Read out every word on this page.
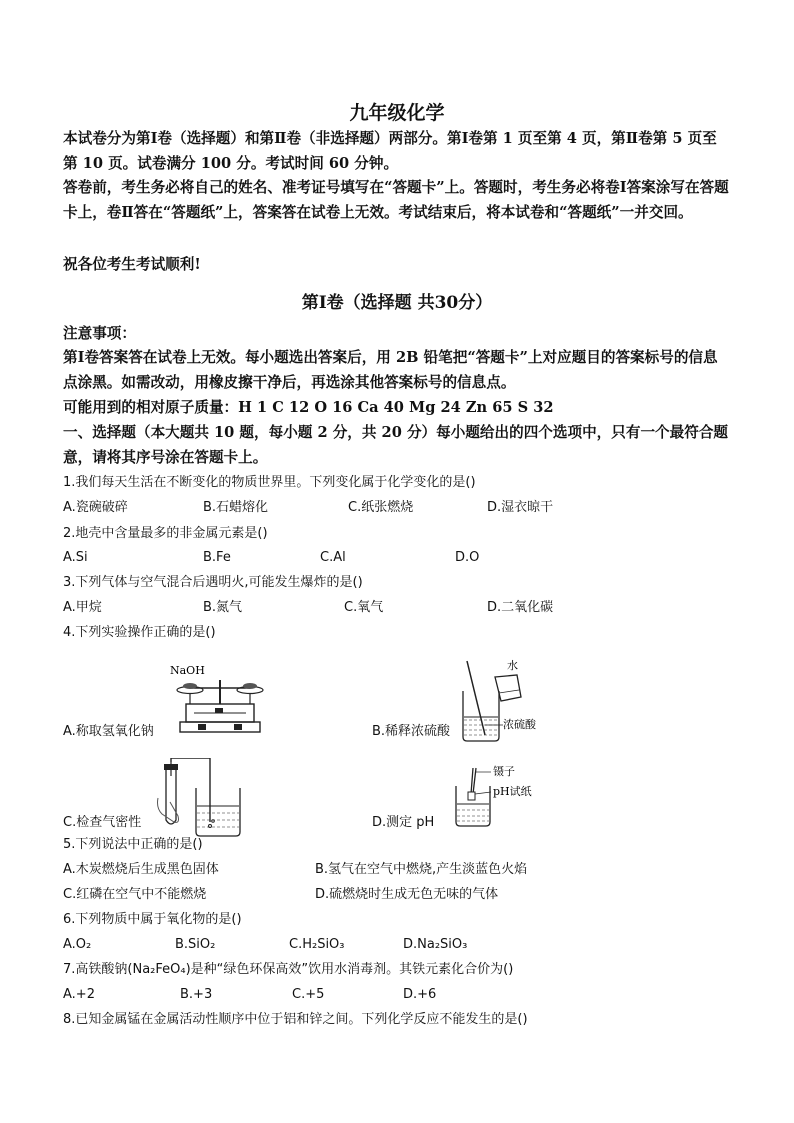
九年级化学
本试卷分为第Ⅰ卷（选择题）和第Ⅱ卷（非选择题）两部分。第Ⅰ卷第 1 页至第 4 页，第Ⅱ卷第 5 页至第 10 页。试卷满分 100 分。考试时间 60 分钟。
答卷前，考生务必将自己的姓名、准考证号填写在“答题卡”上。答题时，考生务必将卷Ⅰ答案涂写在答题卡上，卷Ⅱ答在“答题纸”上，答案答在试卷上无效。考试结束后，将本试卷和“答题纸”一并交回。
祝各位考生考试顺利!
第Ⅰ卷（选择题 共30分）
注意事项：
第Ⅰ卷答案答在试卷上无效。每小题选出答案后，用 2B 铅笔把“答题卡”上对应题目的答案标号的信息点涂黑。如需改动，用橡皮擦干净后，再选涂其他答案标号的信息点。
可能用到的相对原子质量：H 1 C 12 O 16 Ca 40 Mg 24 Zn 65 S 32
一、选择题（本大题共 10 题，每小题 2 分，共 20 分）每小题给出的四个选项中，只有一个最符合题意，请将其序号涂在答题卡上。
1.我们每天生活在不断变化的物质世界里。下列变化属于化学变化的是()
A.瓷碗破碎	B.石蜡熔化	C.纸张燃烧	D.湿衣晾干
2.地壳中含量最多的非金属元素是()
A.Si	B.Fe	C.Al	D.O
3.下列气体与空气混合后遇明火,可能发生爆炸的是()
A.甲烷	B.氮气	C.氧气	D.二氧化碳
4.下列实验操作正确的是()
NaOH
A.称取氢氧化钠
水
浓硫酸
B.稀释浓硫酸
C.检查气密性
镊子
pH试纸
D.测定 pH
5.下列说法中正确的是()
A.木炭燃烧后生成黑色固体	B.氢气在空气中燃烧,产生淡蓝色火焰
C.红磷在空气中不能燃烧	D.硫燃烧时生成无色无味的气体
6.下列物质中属于氧化物的是()
A.O₂	B.SiO₂	C.H₂SiO₃	D.Na₂SiO₃
7.高铁酸钠(Na₂FeO₄)是种“绿色环保高效”饮用水消毒剂。其铁元素化合价为()
A.+2	B.+3	C.+5	D.+6
8.已知金属锰在金属活动性顺序中位于铝和锌之间。下列化学反应不能发生的是()
